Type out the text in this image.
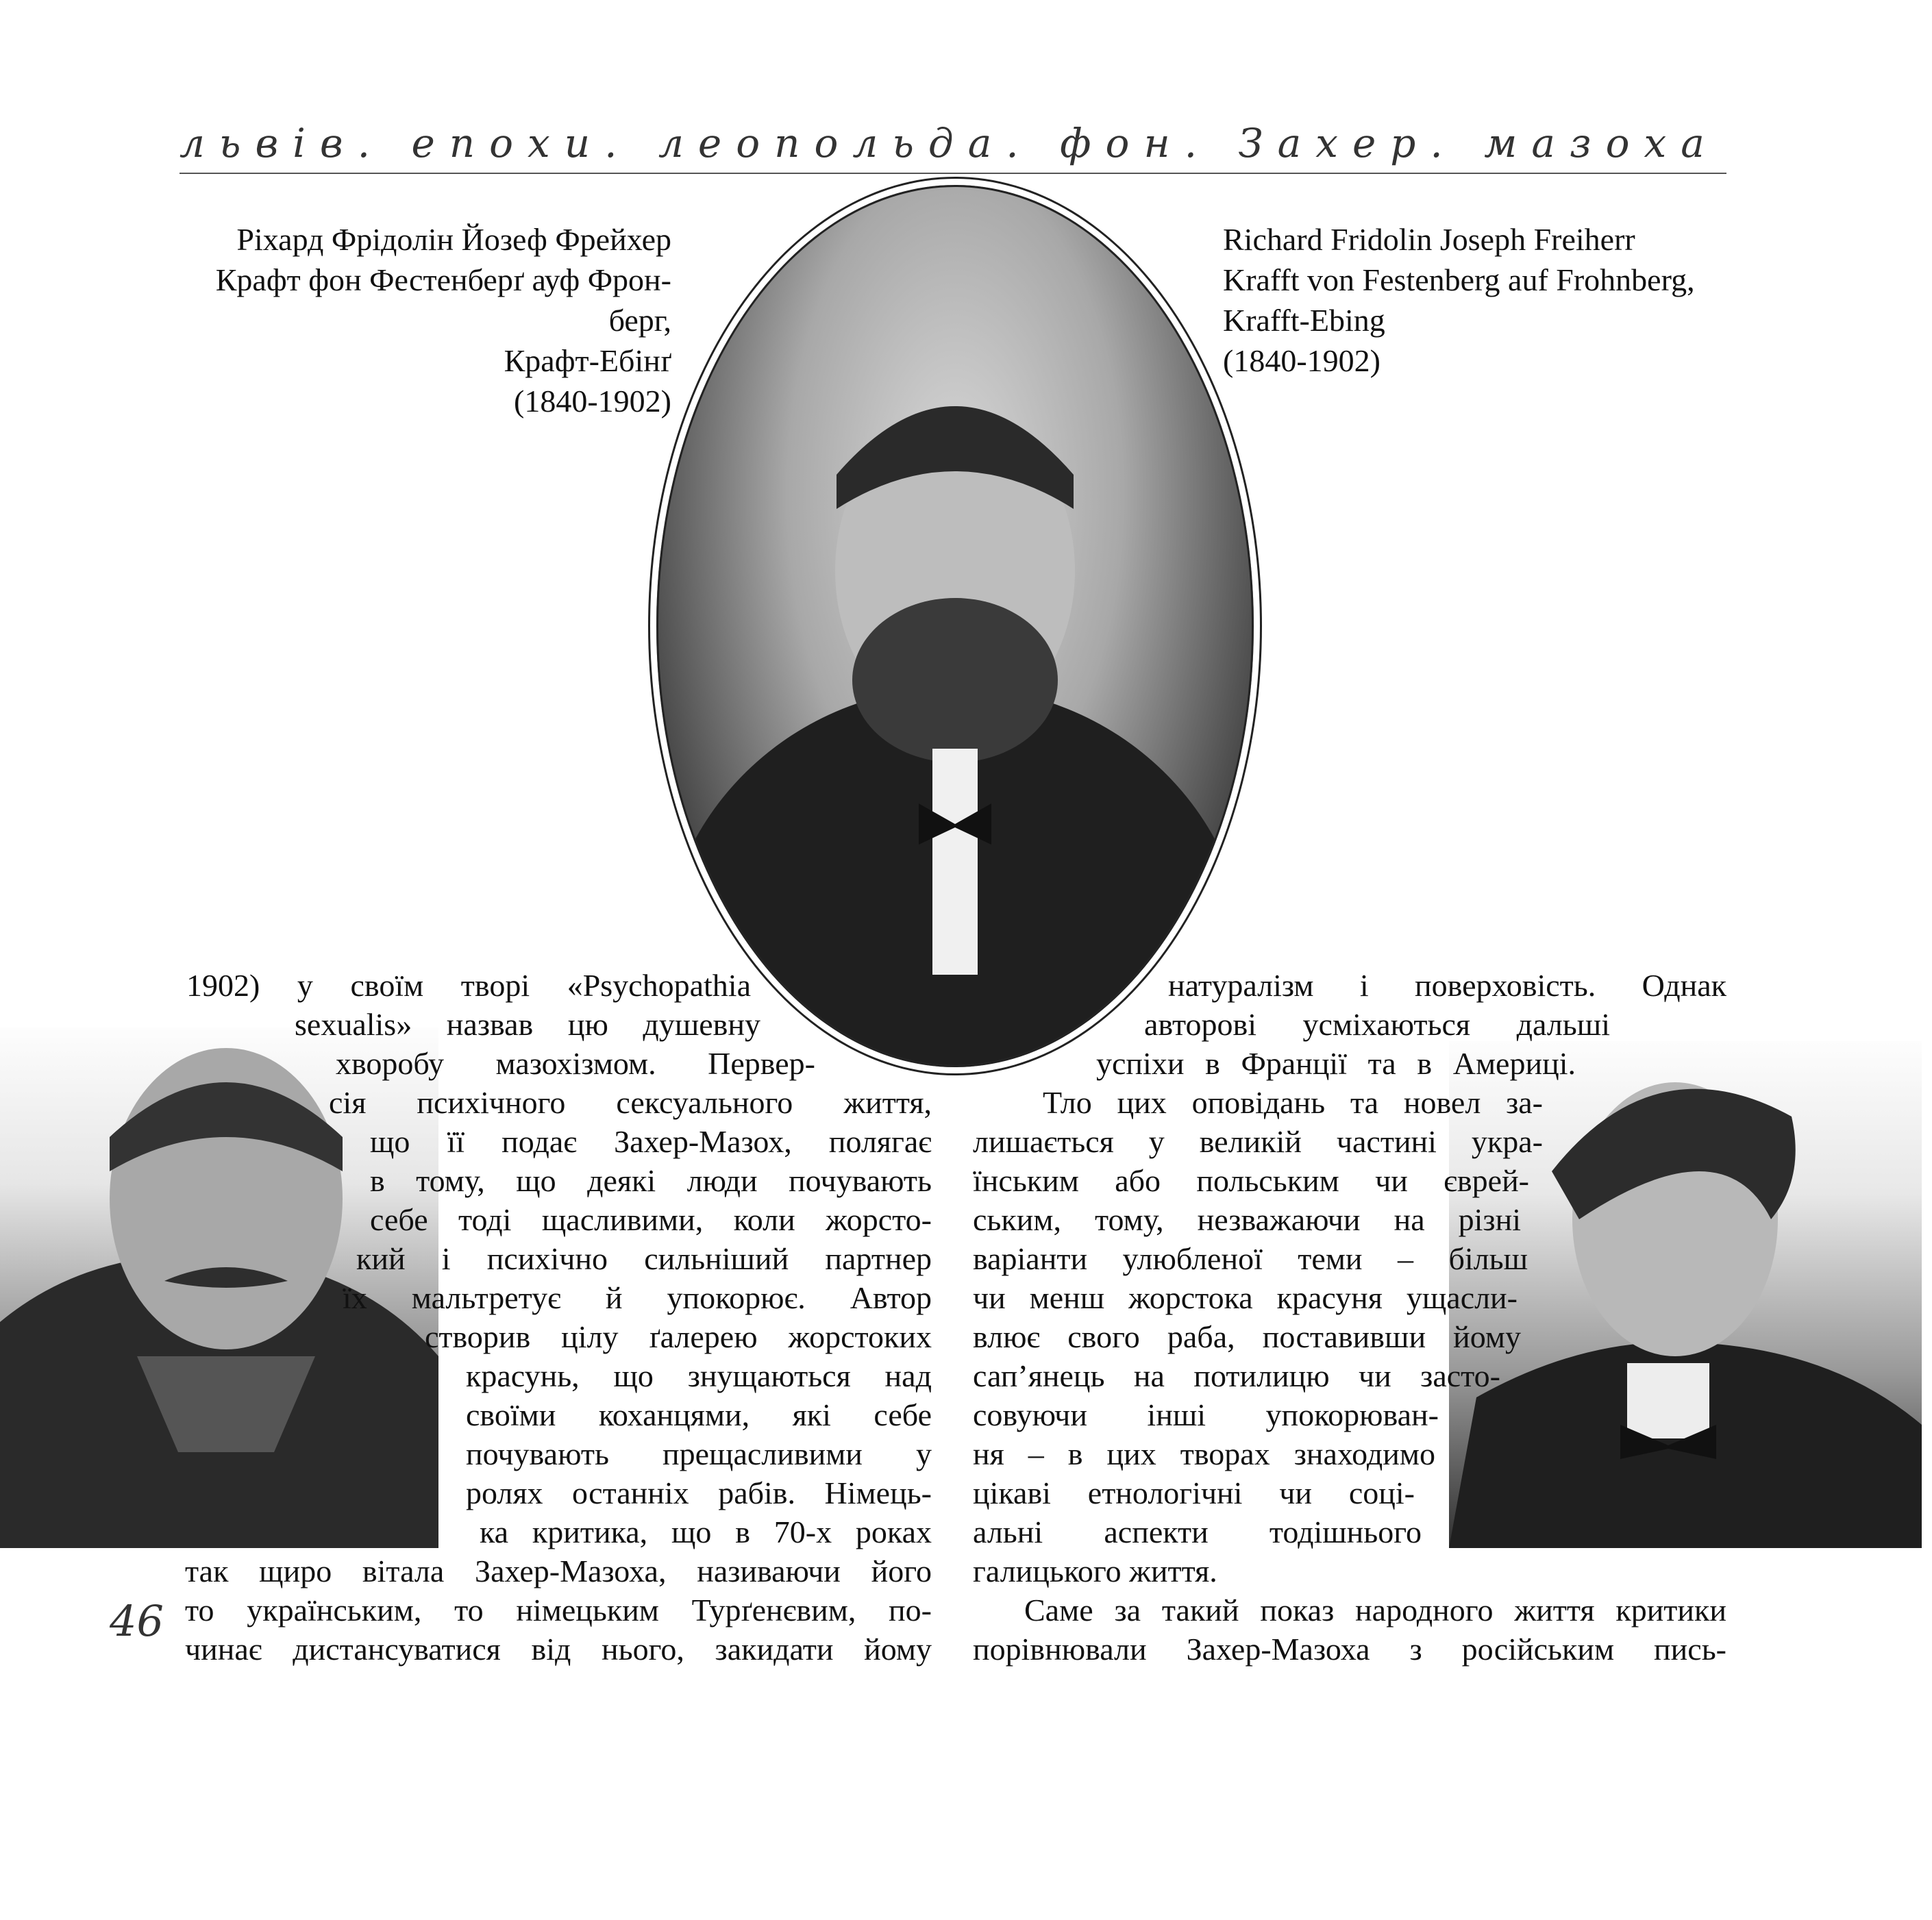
львів. епохи. леопольда. фон. Захер. мазоха
Ріхард Фрідолін Йозеф Фрейхер
Крафт фон Фестенберґ ауф Фрон-
берг,
Крафт-Ебінґ
(1840-1902)
Richard Fridolin Joseph Freiherr
Krafft von Festenberg auf Frohnberg,
Krafft-Ebing
(1840-1902)
46
1902) у своїм творі «Psychopathia
sexualis» назвав цю душевну
хворобу мазохізмом. Первер-
сія психічного сексуального життя,
що її подає Захер-Мазох, полягає
в тому, що деякі люди почувають
себе тоді щасливими, коли жорсто-
кий і психічно сильніший партнер
їх мальтретує й упокорює. Автор
створив цілу ґалерею жорстоких
красунь, що знущаються над
своїми коханцями, які себе
почувають прещасливими у
ролях останніх рабів. Німець-
ка критика, що в 70-х роках
так щиро вітала Захер-Мазоха, називаючи його
то українським, то німецьким Турґенєвим, по-
чинає дистансуватися від нього, закидати йому
натуралізм і поверховість. Однак
авторові усміхаються дальші
успіхи в Франції та в Америці.
Тло цих оповідань та новел за-
лишається у великій частині укра-
їнським або польським чи єврей-
ським, тому, незважаючи на різні
варіанти улюбленої теми – більш
чи менш жорстока красуня ущасли-
влює свого раба, поставивши йому
сап’янець на потилицю чи засто-
совуючи інші упокорюван-
ня – в цих творах знаходимо
цікаві етнологічні чи соці-
альні аспекти тодішнього
галицького життя.
Саме за такий показ народного життя критики
порівнювали Захер-Мазоха з російським пись-
